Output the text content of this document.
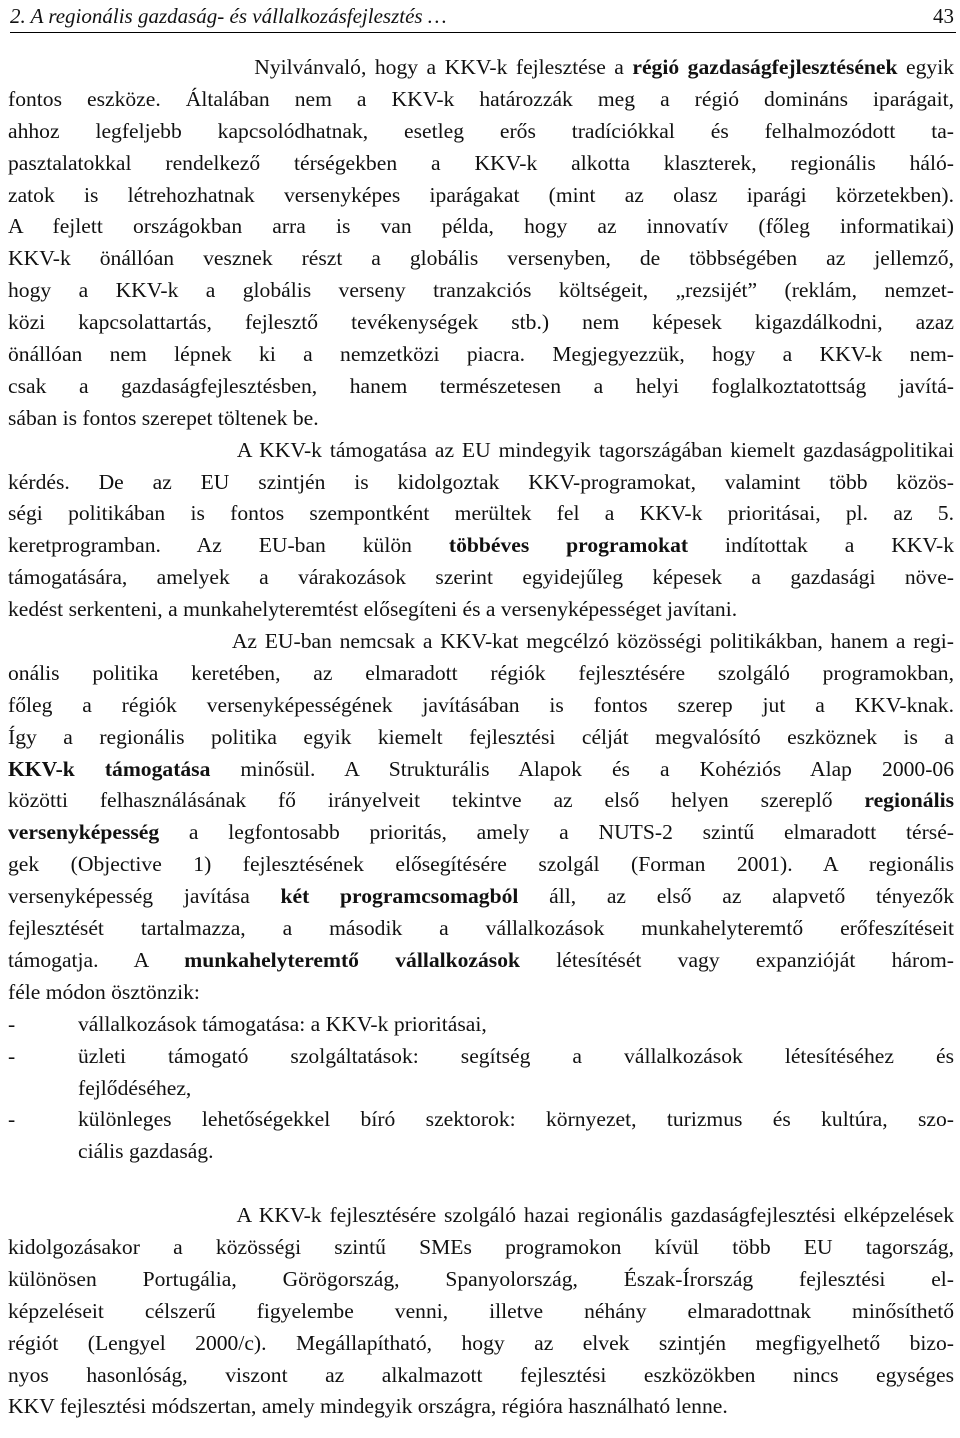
2. A regionális gazdaság- és vállalkozásfejlesztés …	43
Nyilvánvaló, hogy a KKV-k fejlesztése a régió gazdaságfejlesztésének egyik
fontos eszköze. Általában nem a KKV-k határozzák meg a régió domináns iparágait,
ahhoz legfeljebb kapcsolódhatnak, esetleg erős tradíciókkal és felhalmozódott ta-
pasztalatokkal rendelkező térségekben a KKV-k alkotta klaszterek, regionális háló-
zatok is létrehozhatnak versenyképes iparágakat (mint az olasz iparági körzetekben).
A fejlett országokban arra is van példa, hogy az innovatív (főleg informatikai)
KKV-k önállóan vesznek részt a globális versenyben, de többségében az jellemző,
hogy a KKV-k a globális verseny tranzakciós költségeit, „rezsijét” (reklám, nemzet-
közi kapcsolattartás, fejlesztő tevékenységek stb.) nem képesek kigazdálkodni, azaz
önállóan nem lépnek ki a nemzetközi piacra. Megjegyezzük, hogy a KKV-k nem-
csak a gazdaságfejlesztésben, hanem természetesen a helyi foglalkoztatottság javítá-
sában is fontos szerepet töltenek be.
A KKV-k támogatása az EU mindegyik tagországában kiemelt gazdaságpolitikai
kérdés. De az EU szintjén is kidolgoztak KKV-programokat, valamint több közös-
ségi politikában is fontos szempontként merültek fel a KKV-k prioritásai, pl. az 5.
keretprogramban. Az EU-ban külön többéves programokat indítottak a KKV-k
támogatására, amelyek a várakozások szerint egyidejűleg képesek a gazdasági növe-
kedést serkenteni, a munkahelyteremtést elősegíteni és a versenyképességet javítani.
Az EU-ban nemcsak a KKV-kat megcélzó közösségi politikákban, hanem a regi-
onális politika keretében, az elmaradott régiók fejlesztésére szolgáló programokban,
főleg a régiók versenyképességének javításában is fontos szerep jut a KKV-knak.
Így a regionális politika egyik kiemelt fejlesztési célját megvalósító eszköznek is a
KKV-k támogatása minősül. A Strukturális Alapok és a Kohéziós Alap 2000-06
közötti felhasználásának fő irányelveit tekintve az első helyen szereplő regionális
versenyképesség a legfontosabb prioritás, amely a NUTS-2 szintű elmaradott térsé-
gek (Objective 1) fejlesztésének elősegítésére szolgál (Forman 2001). A regionális
versenyképesség javítása két programcsomagból áll, az első az alapvető tényezők
fejlesztését tartalmazza, a második a vállalkozások munkahelyteremtő erőfeszítéseit
támogatja. A munkahelyteremtő vállalkozások létesítését vagy expanzióját három-
féle módon ösztönzik:
-	vállalkozások támogatása: a KKV-k prioritásai,
-	üzleti támogató szolgáltatások: segítség a vállalkozások létesítéséhez és
fejlődéséhez,
-	különleges lehetőségekkel bíró szektorok: környezet, turizmus és kultúra, szo-
ciális gazdaság.
A KKV-k fejlesztésére szolgáló hazai regionális gazdaságfejlesztési elképzelések
kidolgozásakor a közösségi szintű SMEs programokon kívül több EU tagország,
különösen Portugália, Görögország, Spanyolország, Észak-Írország fejlesztési el-
képzeléseit célszerű figyelembe venni, illetve néhány elmaradottnak minősíthető
régiót (Lengyel 2000/c). Megállapítható, hogy az elvek szintjén megfigyelhető bizo-
nyos hasonlóság, viszont az alkalmazott fejlesztési eszközökben nincs egységes
KKV fejlesztési módszertan, amely mindegyik országra, régióra használható lenne.
